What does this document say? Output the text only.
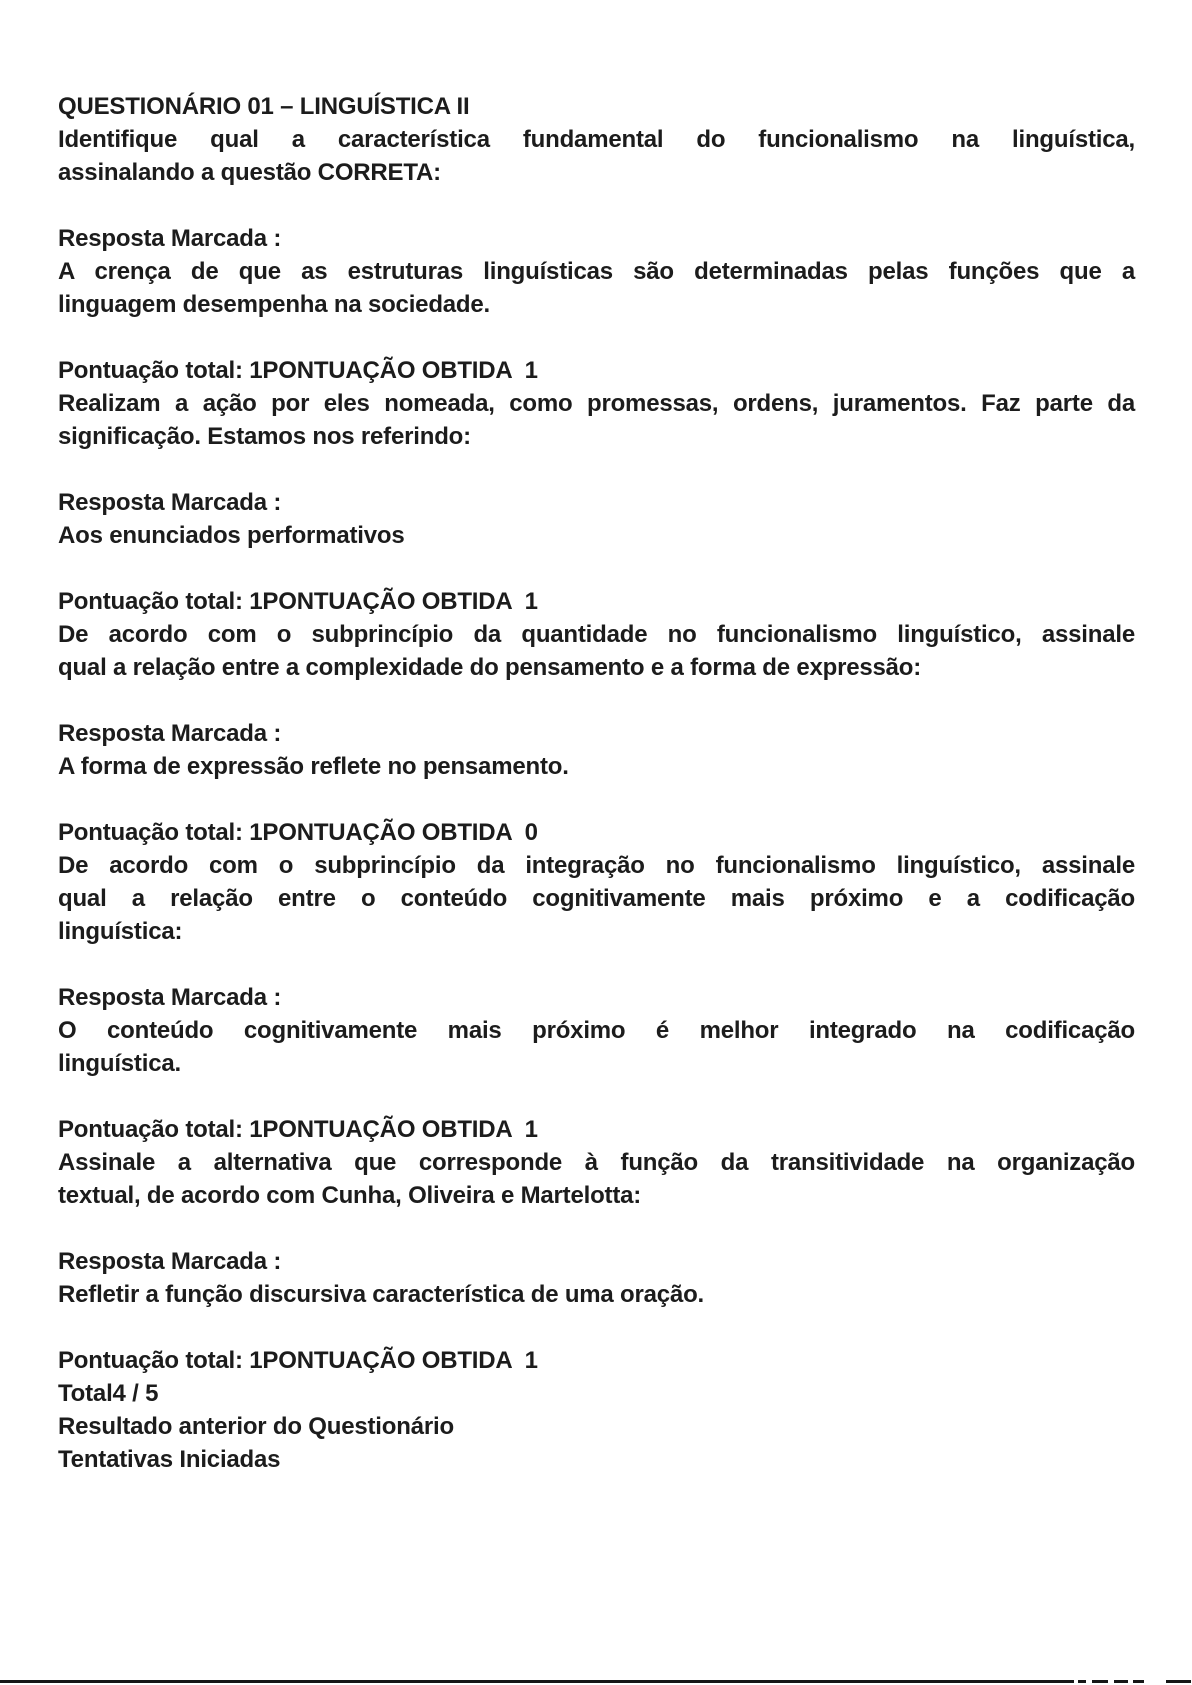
QUESTIONÁRIO 01 – LINGUÍSTICA II
Identifique qual a característica fundamental do funcionalismo na linguística,
assinalando a questão CORRETA:
Resposta Marcada :
A crença de que as estruturas linguísticas são determinadas pelas funções que a
linguagem desempenha na sociedade.
Pontuação total: 1PONTUAÇÃO OBTIDA  1
Realizam a ação por eles nomeada, como promessas, ordens, juramentos. Faz parte da
significação. Estamos nos referindo:
Resposta Marcada :
Aos enunciados performativos
Pontuação total: 1PONTUAÇÃO OBTIDA  1
De acordo com o subprincípio da quantidade no funcionalismo linguístico, assinale
qual a relação entre a complexidade do pensamento e a forma de expressão:
Resposta Marcada :
A forma de expressão reflete no pensamento.
Pontuação total: 1PONTUAÇÃO OBTIDA  0
De acordo com o subprincípio da integração no funcionalismo linguístico, assinale
qual a relação entre o conteúdo cognitivamente mais próximo e a codificação
linguística:
Resposta Marcada :
O conteúdo cognitivamente mais próximo é melhor integrado na codificação
linguística.
Pontuação total: 1PONTUAÇÃO OBTIDA  1
Assinale a alternativa que corresponde à função da transitividade na organização
textual, de acordo com Cunha, Oliveira e Martelotta:
Resposta Marcada :
Refletir a função discursiva característica de uma oração.
Pontuação total: 1PONTUAÇÃO OBTIDA  1
Total4 / 5
Resultado anterior do Questionário
Tentativas Iniciadas
